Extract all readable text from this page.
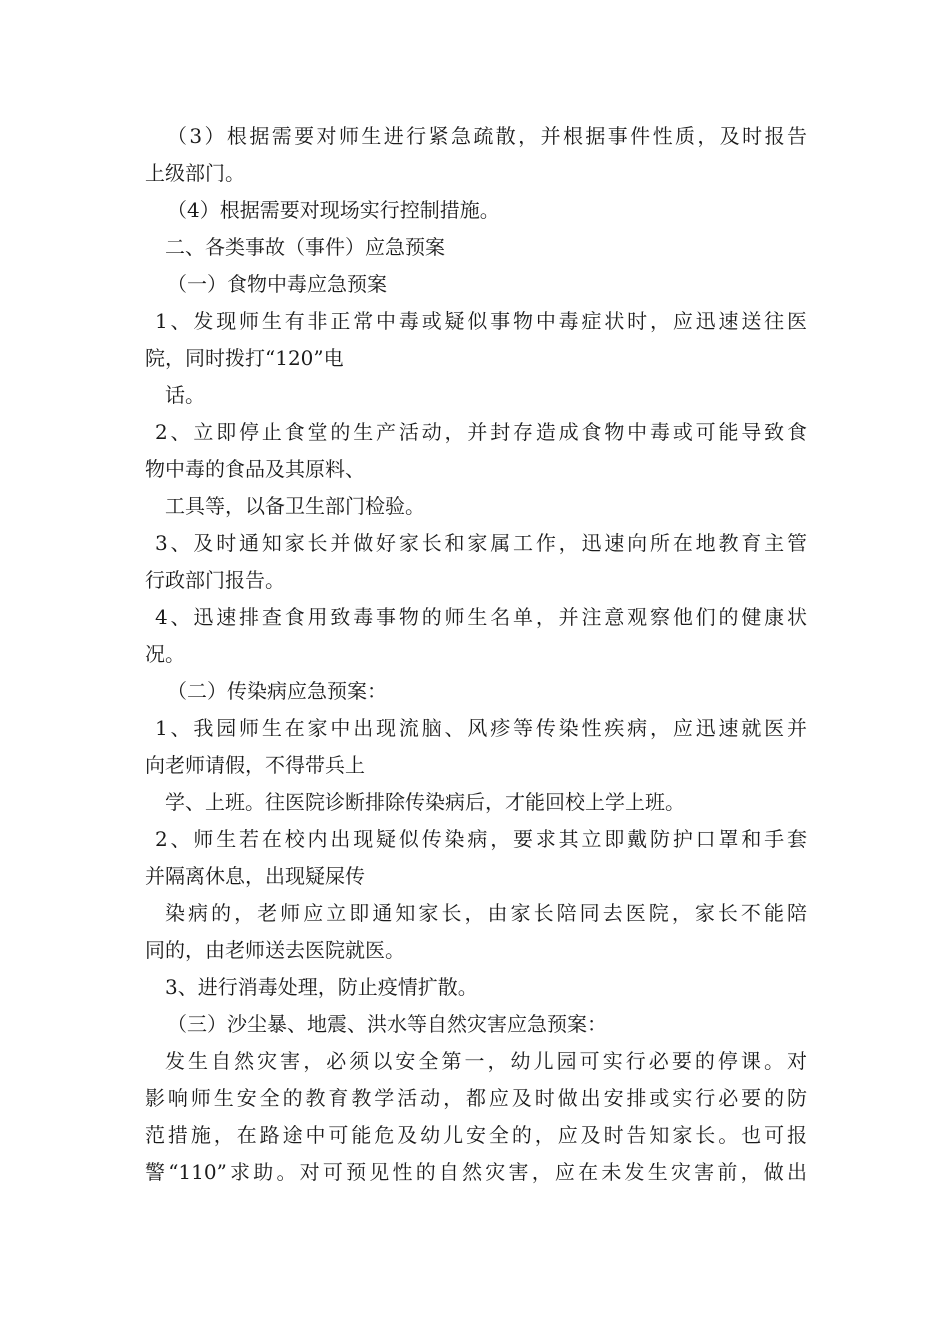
（3）根据需要对师生进行紧急疏散，并根据事件性质，及时报告
上级部门。
（4）根据需要对现场实行控制措施。
二、各类事故（事件）应急预案
（一）食物中毒应急预案
1、发现师生有非正常中毒或疑似事物中毒症状时，应迅速送往医
院，同时拨打“120”电
话。
2、立即停止食堂的生产活动，并封存造成食物中毒或可能导致食
物中毒的食品及其原料、
工具等，以备卫生部门检验。
3、及时通知家长并做好家长和家属工作，迅速向所在地教育主管
行政部门报告。
4、迅速排查食用致毒事物的师生名单，并注意观察他们的健康状
况。
（二）传染病应急预案：
1、我园师生在家中出现流脑、风疹等传染性疾病，应迅速就医并
向老师请假，不得带兵上
学、上班。往医院诊断排除传染病后，才能回校上学上班。
2、师生若在校内出现疑似传染病，要求其立即戴防护口罩和手套
并隔离休息，出现疑屎传
染病的，老师应立即通知家长，由家长陪同去医院，家长不能陪
同的，由老师送去医院就医。
3、进行消毒处理，防止疫情扩散。
（三）沙尘暴、地震、洪水等自然灾害应急预案：
发生自然灾害，必须以安全第一，幼儿园可实行必要的停课。对
影响师生安全的教育教学活动，都应及时做出安排或实行必要的防
范措施，在路途中可能危及幼儿安全的，应及时告知家长。也可报
警“110”求助。对可预见性的自然灾害，应在未发生灾害前，做出
